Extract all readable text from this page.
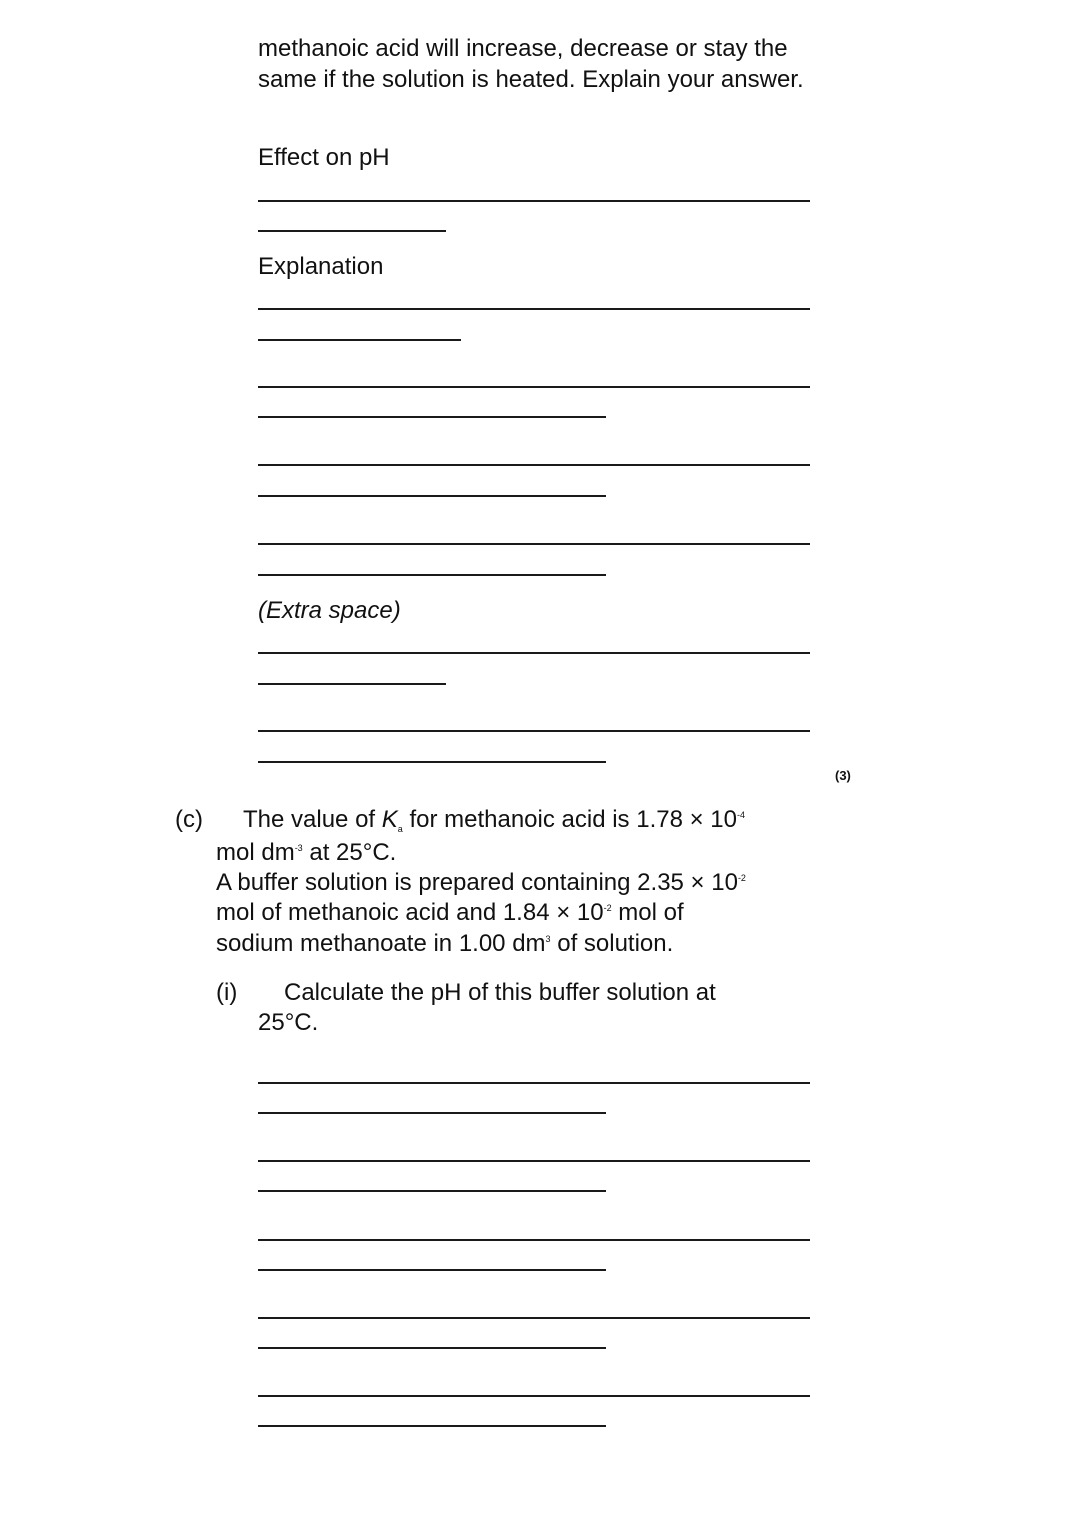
methanoic acid will increase, decrease or stay the same if the solution is heated. Explain your answer.
Effect on pH
Explanation
(Extra space)
(3)
(c) The value of $K_a$ for methanoic acid is $1.78 \times 10^{-4}$
mol $dm^{-3}$ at 25°C.
A buffer solution is prepared containing $2.35 \times 10^{-2}$
mol of methanoic acid and $1.84 \times 10^{-2}$ mol of
sodium methanoate in 1.00 $dm^3$ of solution.
(i) Calculate the pH of this buffer solution at
25°C.
